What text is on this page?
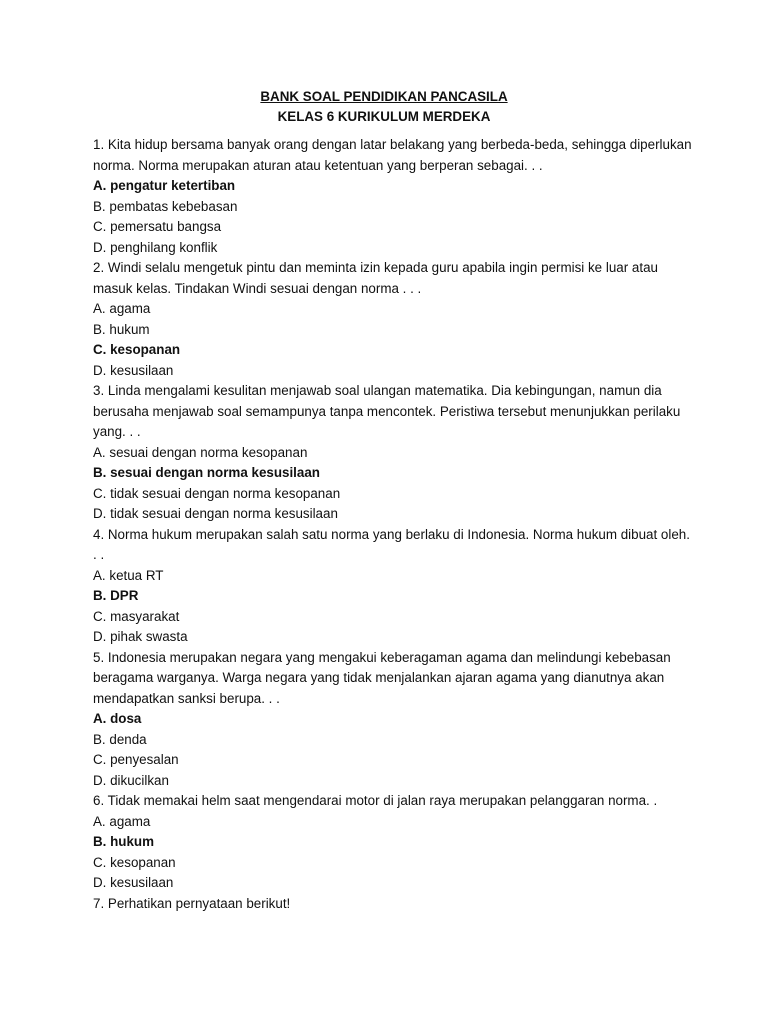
BANK SOAL PENDIDIKAN PANCASILA
KELAS 6 KURIKULUM MERDEKA

1. Kita hidup bersama banyak orang dengan latar belakang yang berbeda-beda, sehingga diperlukan norma. Norma merupakan aturan atau ketentuan yang berperan sebagai. . .

A. pengatur ketertiban

B. pembatas kebebasan

C. pemersatu bangsa

D. penghilang konflik

2. Windi selalu mengetuk pintu dan meminta izin kepada guru apabila ingin permisi ke luar atau masuk kelas. Tindakan Windi sesuai dengan norma . . .

A. agama

B. hukum

C. kesopanan

D. kesusilaan

3. Linda mengalami kesulitan menjawab soal ulangan matematika. Dia kebingungan, namun dia berusaha menjawab soal semampunya tanpa mencontek. Peristiwa tersebut menunjukkan perilaku yang. . .

A. sesuai dengan norma kesopanan

B. sesuai dengan norma kesusilaan

C. tidak sesuai dengan norma kesopanan

D. tidak sesuai dengan norma kesusilaan

4. Norma hukum merupakan salah satu norma yang berlaku di Indonesia. Norma hukum dibuat oleh. . .

A. ketua RT

B. DPR

C. masyarakat

D. pihak swasta

5. Indonesia merupakan negara yang mengakui keberagaman agama dan melindungi kebebasan beragama warganya. Warga negara yang tidak menjalankan ajaran agama yang dianutnya akan mendapatkan sanksi berupa. . .

A. dosa

B. denda

C. penyesalan

D. dikucilkan

6. Tidak memakai helm saat mengendarai motor di jalan raya merupakan pelanggaran norma. .

A. agama

B. hukum

C. kesopanan

D. kesusilaan

7. Perhatikan pernyataan berikut!
